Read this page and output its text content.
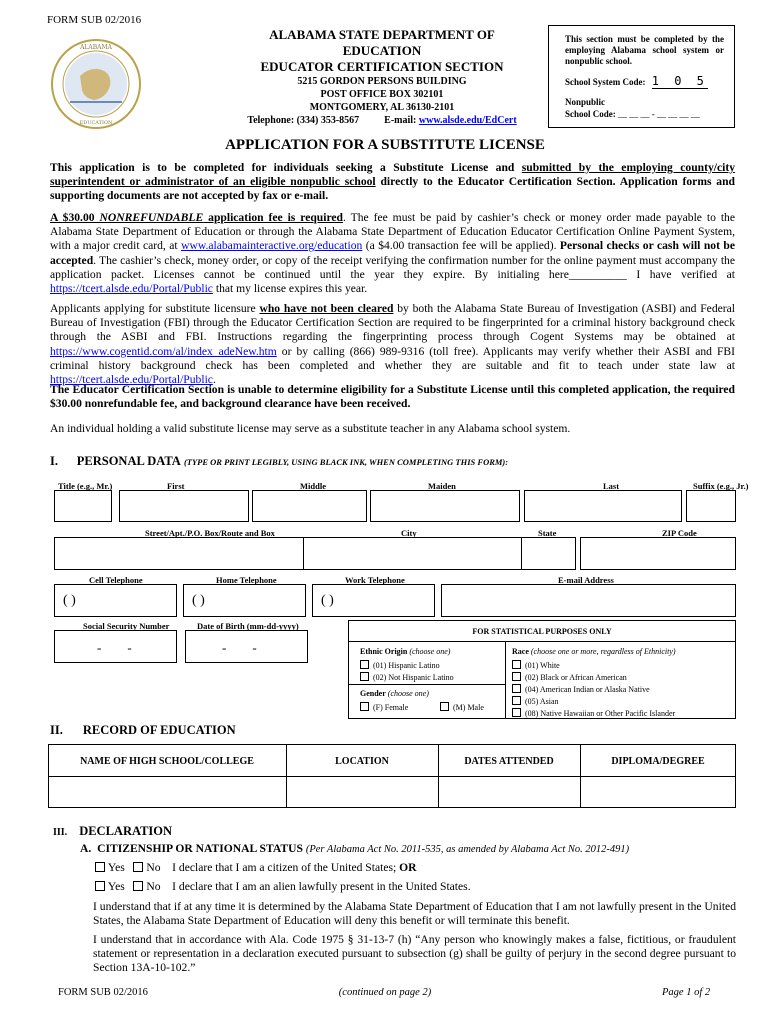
FORM SUB 02/2016
ALABAMA
EDUCATION
ALABAMA STATE DEPARTMENT OF EDUCATION
EDUCATOR CERTIFICATION SECTION
5215 GORDON PERSONS BUILDING
POST OFFICE BOX 302101
MONTGOMERY, AL 36130-2101
Telephone: (334) 353-8567	E-mail: www.alsde.edu/EdCert
This section must be completed by the employing Alabama school system or nonpublic school.
School System Code: 1 0 5
Nonpublic
School Code: __ __ __ - __ __ __ __
APPLICATION FOR A SUBSTITUTE LICENSE

This application is to be completed for individuals seeking a Substitute License and submitted by the employing county/city superintendent or administrator of an eligible nonpublic school directly to the Educator Certification Section. Application forms and supporting documents are not accepted by fax or e-mail.

A $30.00 NONREFUNDABLE application fee is required. The fee must be paid by cashier’s check or money order made payable to the Alabama State Department of Education or through the Alabama State Department of Education Educator Certification Online Payment System, with a major credit card, at www.alabamainteractive.org/education (a $4.00 transaction fee will be applied). Personal checks or cash will not be accepted. The cashier’s check, money order, or copy of the receipt verifying the confirmation number for the online payment must accompany the application packet. Licenses cannot be continued until the year they expire. By initialing here__________ I have verified at https://tcert.alsde.edu/Portal/Public that my license expires this year.

Applicants applying for substitute licensure who have not been cleared by both the Alabama State Bureau of Investigation (ASBI) and Federal Bureau of Investigation (FBI) through the Educator Certification Section are required to be fingerprinted for a criminal history background check through the ASBI and FBI. Instructions regarding the fingerprinting process through Cogent Systems may be obtained at https://www.cogentid.com/al/index_adeNew.htm or by calling (866) 989-9316 (toll free). Applicants may verify whether their ASBI and FBI criminal history background check has been completed and whether they are suitable and fit to teach under state law at https://tcert.alsde.edu/Portal/Public.

The Educator Certification Section is unable to determine eligibility for a Substitute License until this completed application, the required $30.00 nonrefundable fee, and background clearance have been received.

An individual holding a valid substitute license may serve as a substitute teacher in any Alabama school system.

I. PERSONAL DATA (TYPE OR PRINT LEGIBLY, USING BLACK INK, WHEN COMPLETING THIS FORM):
Title (e.g., Mr.)	First	Middle	Maiden	Last	Suffix (e.g., Jr.)
Street/Apt./P.O. Box/Route and Box	City	State	ZIP Code
Cell Telephone	Home Telephone	Work Telephone	E-mail Address
( )	( )	( )
Social Security Number	Date of Birth (mm-dd-yyyy)
-        -	-        -
FOR STATISTICAL PURPOSES ONLY
Ethnic Origin (choose one)
(01) Hispanic Latino
(02) Not Hispanic Latino
Gender (choose one)
(F) Female	(M) Male
Race (choose one or more, regardless of Ethnicity)
(01) White
(02) Black or African American
(04) American Indian or Alaska Native
(05) Asian
(08) Native Hawaiian or Other Pacific Islander
II. RECORD OF EDUCATION
NAME OF HIGH SCHOOL/COLLEGE	LOCATION	DATES ATTENDED	DIPLOMA/DEGREE
III. DECLARATION
A. CITIZENSHIP OR NATIONAL STATUS (Per Alabama Act No. 2011-535, as amended by Alabama Act No. 2012-491)
Yes No I declare that I am a citizen of the United States; OR
Yes No I declare that I am an alien lawfully present in the United States.

I understand that if at any time it is determined by the Alabama State Department of Education that I am not lawfully present in the United States, the Alabama State Department of Education will deny this benefit or will terminate this benefit.

I understand that in accordance with Ala. Code 1975 § 31-13-7 (h) “Any person who knowingly makes a false, fictitious, or fraudulent statement or representation in a declaration executed pursuant to subsection (g) shall be guilty of perjury in the second degree pursuant to Section 13A-10-102.”

FORM SUB 02/2016	(continued on page 2)	Page 1 of 2
